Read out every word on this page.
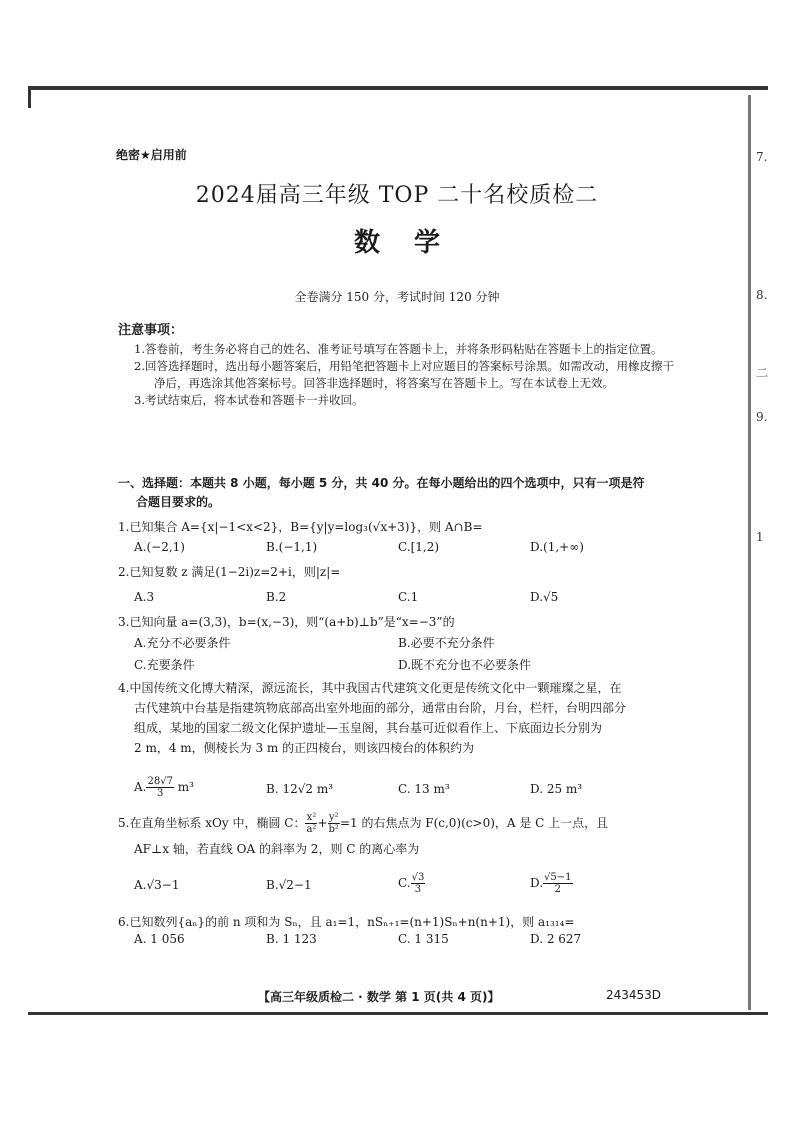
7.
8.
二
9.
1
绝密★启用前
2024届高三年级 TOP 二十名校质检二
数学
全卷满分 150 分，考试时间 120 分钟
注意事项：

1.答卷前，考生务必将自己的姓名、准考证号填写在答题卡上，并将条形码粘贴在答题卡上的指定位置。

2.回答选择题时，选出每小题答案后，用铅笔把答题卡上对应题目的答案标号涂黑。如需改动，用橡皮擦干净后，再选涂其他答案标号。回答非选择题时，将答案写在答题卡上。写在本试卷上无效。

3.考试结束后，将本试卷和答题卡一并收回。

一、选择题：本题共 8 小题，每小题 5 分，共 40 分。在每小题给出的四个选项中，只有一项是符
合题目要求的。
1.已知集合 A={x|−1<x<2}，B={y|y=log₃(√x+3)}，则 A∩B=
A.(−2,1)	B.(−1,1)	C.[1,2)	D.(1,+∞)
2.已知复数 z 满足(1−2i)z=2+i，则|z|=
A.3	B.2	C.1	D.√5
3.已知向量 a=(3,3)，b=(x,−3)，则“(a+b)⊥b”是“x=−3”的
A.充分不必要条件	B.必要不充分条件
C.充要条件	D.既不充分也不必要条件

4.中国传统文化博大精深，源远流长，其中我国古代建筑文化更是传统文化中一颗璀璨之星，在

古代建筑中台基是指建筑物底部高出室外地面的部分，通常由台阶，月台，栏杆，台明四部分

组成，某地的国家二级文化保护遗址—玉皇阁，其台基可近似看作上、下底面边长分别为

2 m，4 m，侧棱长为 3 m 的正四棱台，则该四棱台的体积约为

A. $\frac{28√7}{3} m^3$	B. 12√2 m³	C. 13 m³	D. 25 m³

5.在直角坐标系 xOy 中，椭圆 C： $\frac{\text{x²}}{\text{a²}} + \frac{\text{y²}}{\text{b²}} =1$ 的右焦点为 F(c,0)(c>0)，A 是 C 上一点，且

AF⊥x 轴，若直线 OA 的斜率为 2，则 C 的离心率为

A.√3−1	B.√2−1	C. $\frac{√3}{3}$	D. $\frac{√5-1}{2}$
6.已知数列{aₙ}的前 n 项和为 Sₙ，且 a₁=1，nSₙ₊₁=(n+1)Sₙ+n(n+1)，则 a₁₃₁₄=
A. 1 056	B. 1 123	C. 1 315	D. 2 627
【高三年级质检二 · 数学 第 1 页(共 4 页)】	243453D
